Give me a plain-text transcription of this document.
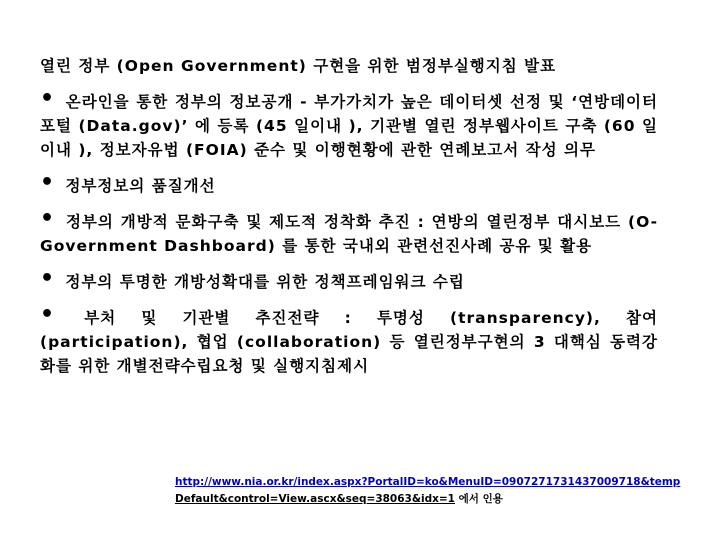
열린 정부 (Open Government) 구현을 위한 범정부실행지침 발표

• 온라인을 통한 정부의 정보공개 - 부가가치가 높은 데이터셋 선정 및 ‘연방데이터포털 (Data.gov)’ 에 등록 (45 일이내 ), 기관별 열린 정부웹사이트 구축 (60 일이내 ), 정보자유법 (FOIA) 준수 및 이행현황에 관한 연례보고서 작성 의무

• 정부정보의 품질개선

• 정부의 개방적 문화구축 및 제도적 정착화 추진 : 연방의 열린정부 대시보드 (O-Government Dashboard) 를 통한 국내외 관련선진사례 공유 및 활용

• 정부의 투명한 개방성확대를 위한 정책프레임워크 수립

• 부처 및 기관별 추진전략 : 투명성 (transparency), 참여 (participation), 협업 (collaboration) 등 열린정부구현의 3 대핵심 동력강화를 위한 개별전략수립요청 및 실행지침제시

http://www.nia.or.kr/index.aspx?PortalID=ko&MenuID=0907271731437009718&temp
Default&control=View.ascx&seq=38063&idx=1 에서 인용
